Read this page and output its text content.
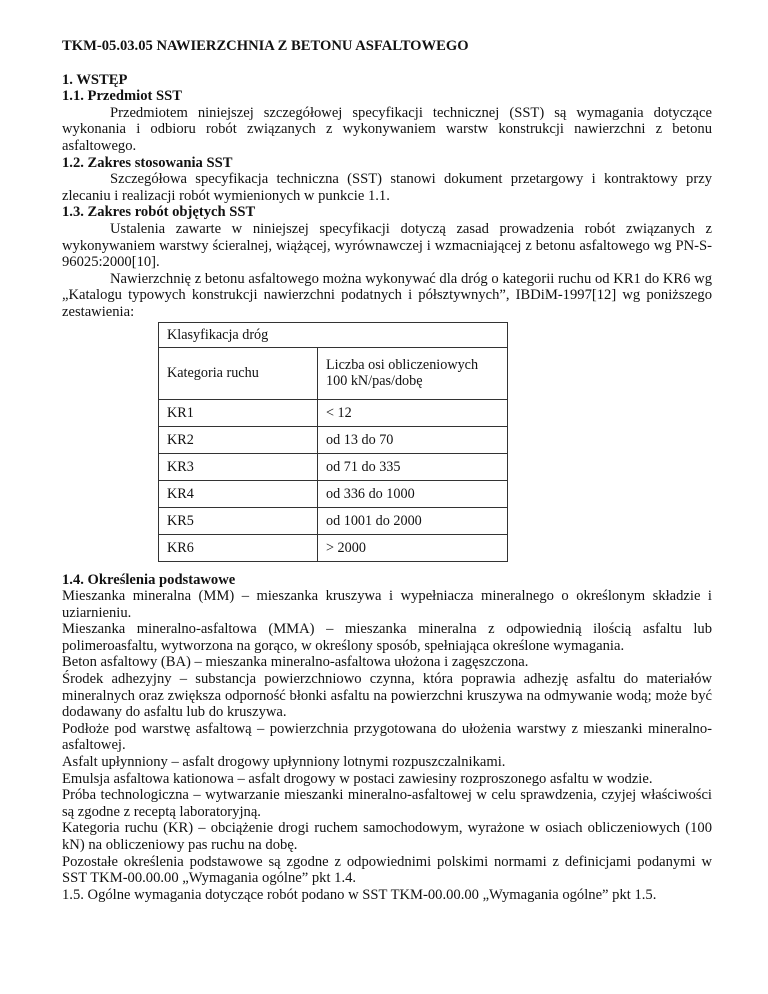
TKM-05.03.05 NAWIERZCHNIA Z BETONU ASFALTOWEGO

1. WSTĘP

1.1. Przedmiot SST

Przedmiotem niniejszej szczegółowej specyfikacji technicznej (SST) są wymagania dotyczące wykonania i odbioru robót związanych z wykonywaniem warstw konstrukcji nawierzchni z betonu asfaltowego.

1.2. Zakres stosowania SST

Szczegółowa specyfikacja techniczna (SST) stanowi dokument przetargowy i kontraktowy przy zlecaniu i realizacji robót wymienionych w punkcie 1.1.

1.3. Zakres robót objętych SST

Ustalenia zawarte w niniejszej specyfikacji dotyczą zasad prowadzenia robót związanych z wykonywaniem warstwy ścieralnej, wiążącej, wyrównawczej i wzmacniającej z betonu asfaltowego wg PN-S-96025:2000[10].

Nawierzchnię z betonu asfaltowego można wykonywać dla dróg o kategorii ruchu od KR1 do KR6 wg „Katalogu typowych konstrukcji nawierzchni podatnych i półsztywnych”, IBDiM-1997[12] wg poniższego zestawienia:

Klasyfikacja dróg	
Kategoria ruchu	Liczba osi obliczeniowych
100 kN/pas/dobę
KR1	< 12
KR2	od 13 do 70
KR3	od 71 do 335
KR4	od 336 do 1000
KR5	od 1001 do 2000
KR6	> 2000

1.4. Określenia podstawowe

Mieszanka mineralna (MM) – mieszanka kruszywa i wypełniacza mineralnego o określonym składzie i uziarnieniu.

Mieszanka mineralno-asfaltowa (MMA) – mieszanka mineralna z odpowiednią ilością asfaltu lub polimeroasfaltu, wytworzona na gorąco, w określony sposób, spełniająca określone wymagania.

Beton asfaltowy (BA) – mieszanka mineralno-asfaltowa ułożona i zagęszczona.

Środek adhezyjny – substancja powierzchniowo czynna, która poprawia adhezję asfaltu do materiałów mineralnych oraz zwiększa odporność błonki asfaltu na powierzchni kruszywa na odmywanie wodą; może być dodawany do asfaltu lub do kruszywa.

Podłoże pod warstwę asfaltową – powierzchnia przygotowana do ułożenia warstwy z mieszanki mineralno-asfaltowej.

Asfalt upłynniony – asfalt drogowy upłynniony lotnymi rozpuszczalnikami.

Emulsja asfaltowa kationowa – asfalt drogowy w postaci zawiesiny rozproszonego asfaltu w wodzie.

Próba technologiczna – wytwarzanie mieszanki mineralno-asfaltowej w celu sprawdzenia, czyjej właściwości są zgodne z receptą laboratoryjną.

Kategoria ruchu (KR) – obciążenie drogi ruchem samochodowym, wyrażone w osiach obliczeniowych (100 kN) na obliczeniowy pas ruchu na dobę.

Pozostałe określenia podstawowe są zgodne z odpowiednimi polskimi normami z definicjami podanymi w SST TKM-00.00.00 „Wymagania ogólne” pkt 1.4.

1.5. Ogólne wymagania dotyczące robót podano w SST TKM-00.00.00 „Wymagania ogólne” pkt 1.5.
